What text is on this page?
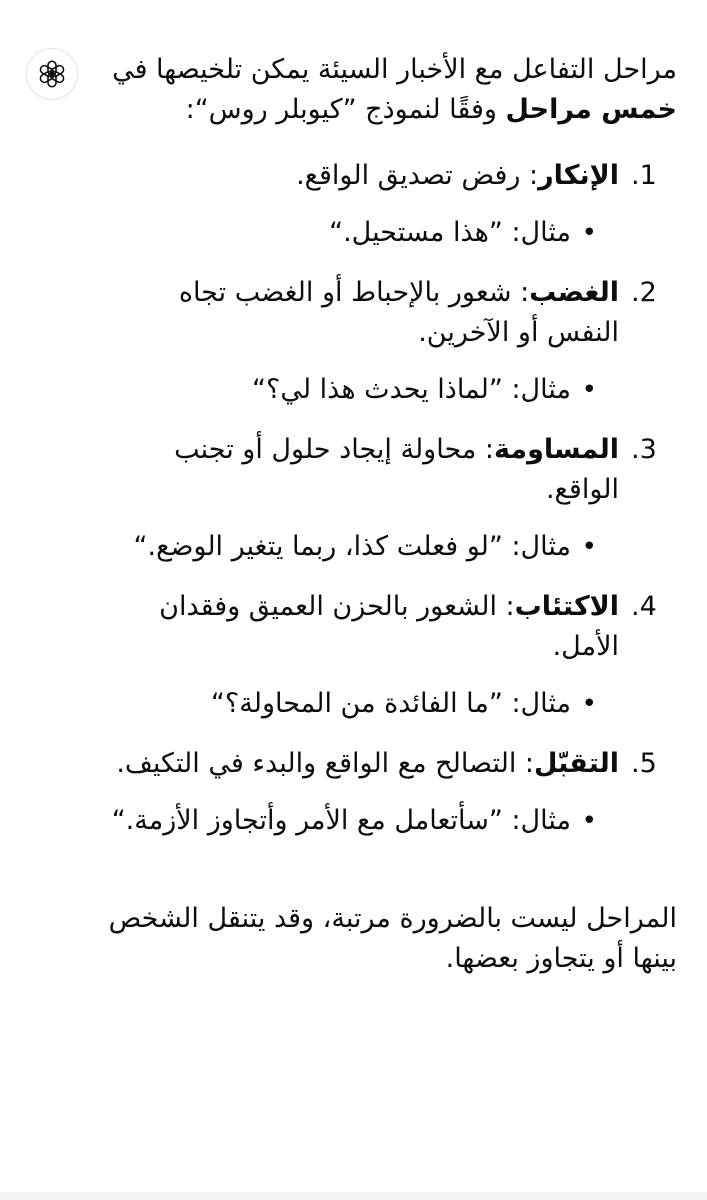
مراحل التفاعل مع الأخبار السيئة يمكن تلخيصها في خمس مراحل وفقًا لنموذج ”كيوبلر روس“:

1.
الإنكار: رفض تصديق الواقع.
•
مثال: ”هذا مستحيل.“
2.
الغضب: شعور بالإحباط أو الغضب تجاه النفس أو الآخرين.
•
مثال: ”لماذا يحدث هذا لي؟“
3.
المساومة: محاولة إيجاد حلول أو تجنب الواقع.
•
مثال: ”لو فعلت كذا، ربما يتغير الوضع.“
4.
الاكتئاب: الشعور بالحزن العميق وفقدان الأمل.
•
مثال: ”ما الفائدة من المحاولة؟“
5.
التقبّل: التصالح مع الواقع والبدء في التكيف.
•
مثال: ”سأتعامل مع الأمر وأتجاوز الأزمة.“

المراحل ليست بالضرورة مرتبة، وقد يتنقل الشخص بينها أو يتجاوز بعضها.
